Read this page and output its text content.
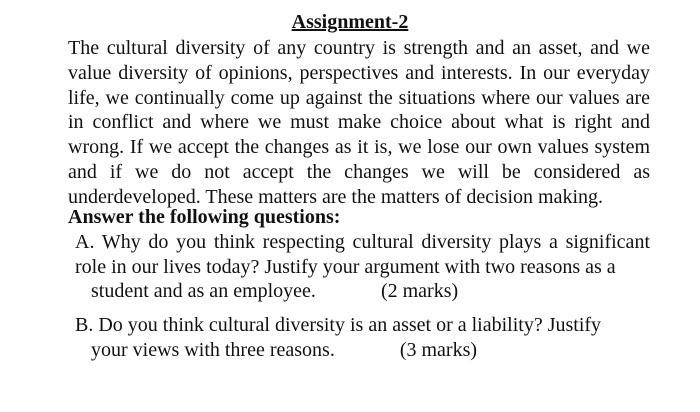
Assignment-2
The cultural diversity of any country is strength and an asset, and we value diversity of opinions, perspectives and interests. In our everyday life, we continually come up against the situations where our values are in conflict and where we must make choice about what is right and wrong. If we accept the changes as it is, we lose our own values system and if we do not accept the changes we will be considered as underdeveloped. These matters are the matters of decision making.
Answer the following questions:
A. Why do you think respecting cultural diversity plays a significant role in our lives today? Justify your argument with two reasons as a
student and as an employee.	(2 marks)
B. Do you think cultural diversity is an asset or a liability? Justify
your views with three reasons.	(3 marks)
